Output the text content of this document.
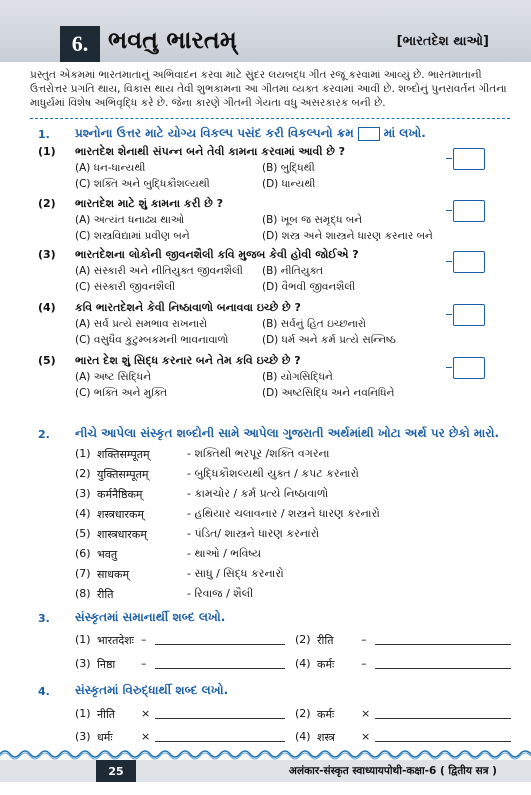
6. ભવતુ ભારતમ્	[ભારતદેશ થાઓ]
પ્રસ્તુત એકમમાં ભારતમાતાનું અભિવાદન કરવા માટે સુંદર લયબદ્ધ ગીત રજૂ કરવામાં આવ્યું છે. ભારતમાતાની ઉત્તરોત્તર પ્રગતિ થાય, વિકાસ થાય તેવી શુભકામના આ ગીતમાં વ્યક્ત કરવામાં આવી છે. શબ્દોનું પુનરાવર્તન ગીતના માધુર્યમાં વિશેષ અભિવૃદ્ધિ કરે છે. જેના કારણે ગીતની ગેયતા વધુ અસરકારક બની છે.
1. પ્રશ્નોના ઉત્તર માટે યોગ્ય વિકલ્પ પસંદ કરી વિકલ્પનો ક્રમ	માં લખો.
(1) ભારતદેશ શેનાથી સંપન્ન બને તેવી કામના કરવામાં આવી છે ?
(A) ધન-ધાન્યથી	(B) બુદ્ધિથી
(C) શક્તિ અને બુદ્ધિકૌશલ્યથી	(D) ધાન્યથી
(2) ભારતદેશ માટે શું કામના કરી છે ?
(A) અત્યંત ધનાઢ્ય થાઓ	(B) ખૂબ જ સમૃદ્ધ બને
(C) શસ્ત્રવિદ્યામાં પ્રવીણ બને	(D) શસ્ત્ર અને શાસ્ત્રને ધારણ કરનાર બને
(3) ભારતદેશના લોકોની જીવનશૈલી કવિ મુજબ કેવી હોવી જોઈએ ?
(A) સંસ્કારી અને નીતિયુક્ત જીવનશૈલી (B) નીતિયુક્ત
(C) સંસ્કારી જીવનશૈલી	(D) વૈભવી જીવનશૈલી
(4) કવિ ભારતદેશને કેવી નિષ્ઠાવાળો બનાવવા ઇચ્છે છે ?
(A) સર્વ પ્રત્યે સમભાવ રાખનારો	(B) સર્વનું હિત ઇચ્છનારો
(C) વસુધૈવ કુટુમ્બકમની ભાવનાવાળો	(D) ધર્મ અને કર્મ પ્રત્યે સન્નિષ્ઠ
(5) ભારત દેશ શું સિદ્ધ કરનાર બને તેમ કવિ ઇચ્છે છે ?
(A) અષ્ટ સિદ્ધિને	(B) યોગસિદ્ધિને
(C) ભક્તિ અને મુક્તિ	(D) અષ્ટસિદ્ધિ અને નવનિધિને
2. નીચે આપેલા સંસ્કૃત શબ્દોની સામે આપેલા ગુજરાતી અર્થમાંથી ખોટા અર્થ પર છેકો મારો.
(1) शक्तिसम्पूतम्	- શક્તિથી ભરપૂર /શક્તિ વગરના
(2) युक्तिसम्पूतम्	- બુદ્ધિકૌશલ્યથી યુક્ત / કપટ કરનારો
(3) कर्मनैष्ठिकम्	- કામચોર / કર્મ પ્રત્યે નિષ્ઠાવાળો
(4) शस्त्रधारकम्	- હથિયાર ચલાવનાર / શસ્ત્રને ધારણ કરનારો
(5) शास्त्रधारकम्	- પંડિત/ શાસ્ત્રને ધારણ કરનારો
(6) भवतु	- થાઓ / ભવિષ્ય
(7) साधकम्	- સાધુ / સિદ્ધ કરનારો
(8) रीति	- રિવાજ / શૈલી
3. સંસ્કૃતમાં સમાનાર્થી શબ્દ લખો.
(1) भारतदेशः –	(2) रीति	–
(3) निष्ठा –	(4) कर्मः –
4. સંસ્કૃતમાં વિરુદ્ધાર્થી શબ્દ લખો.
(1) नीति ×	(2) कर्मः ×
(3) धर्मः	×	(4) शस्त्र ×
25	अलंकार-संस्कृत स्वाध्यायपोथी-कक्षा-6 ( द्वितीय सत्र )
